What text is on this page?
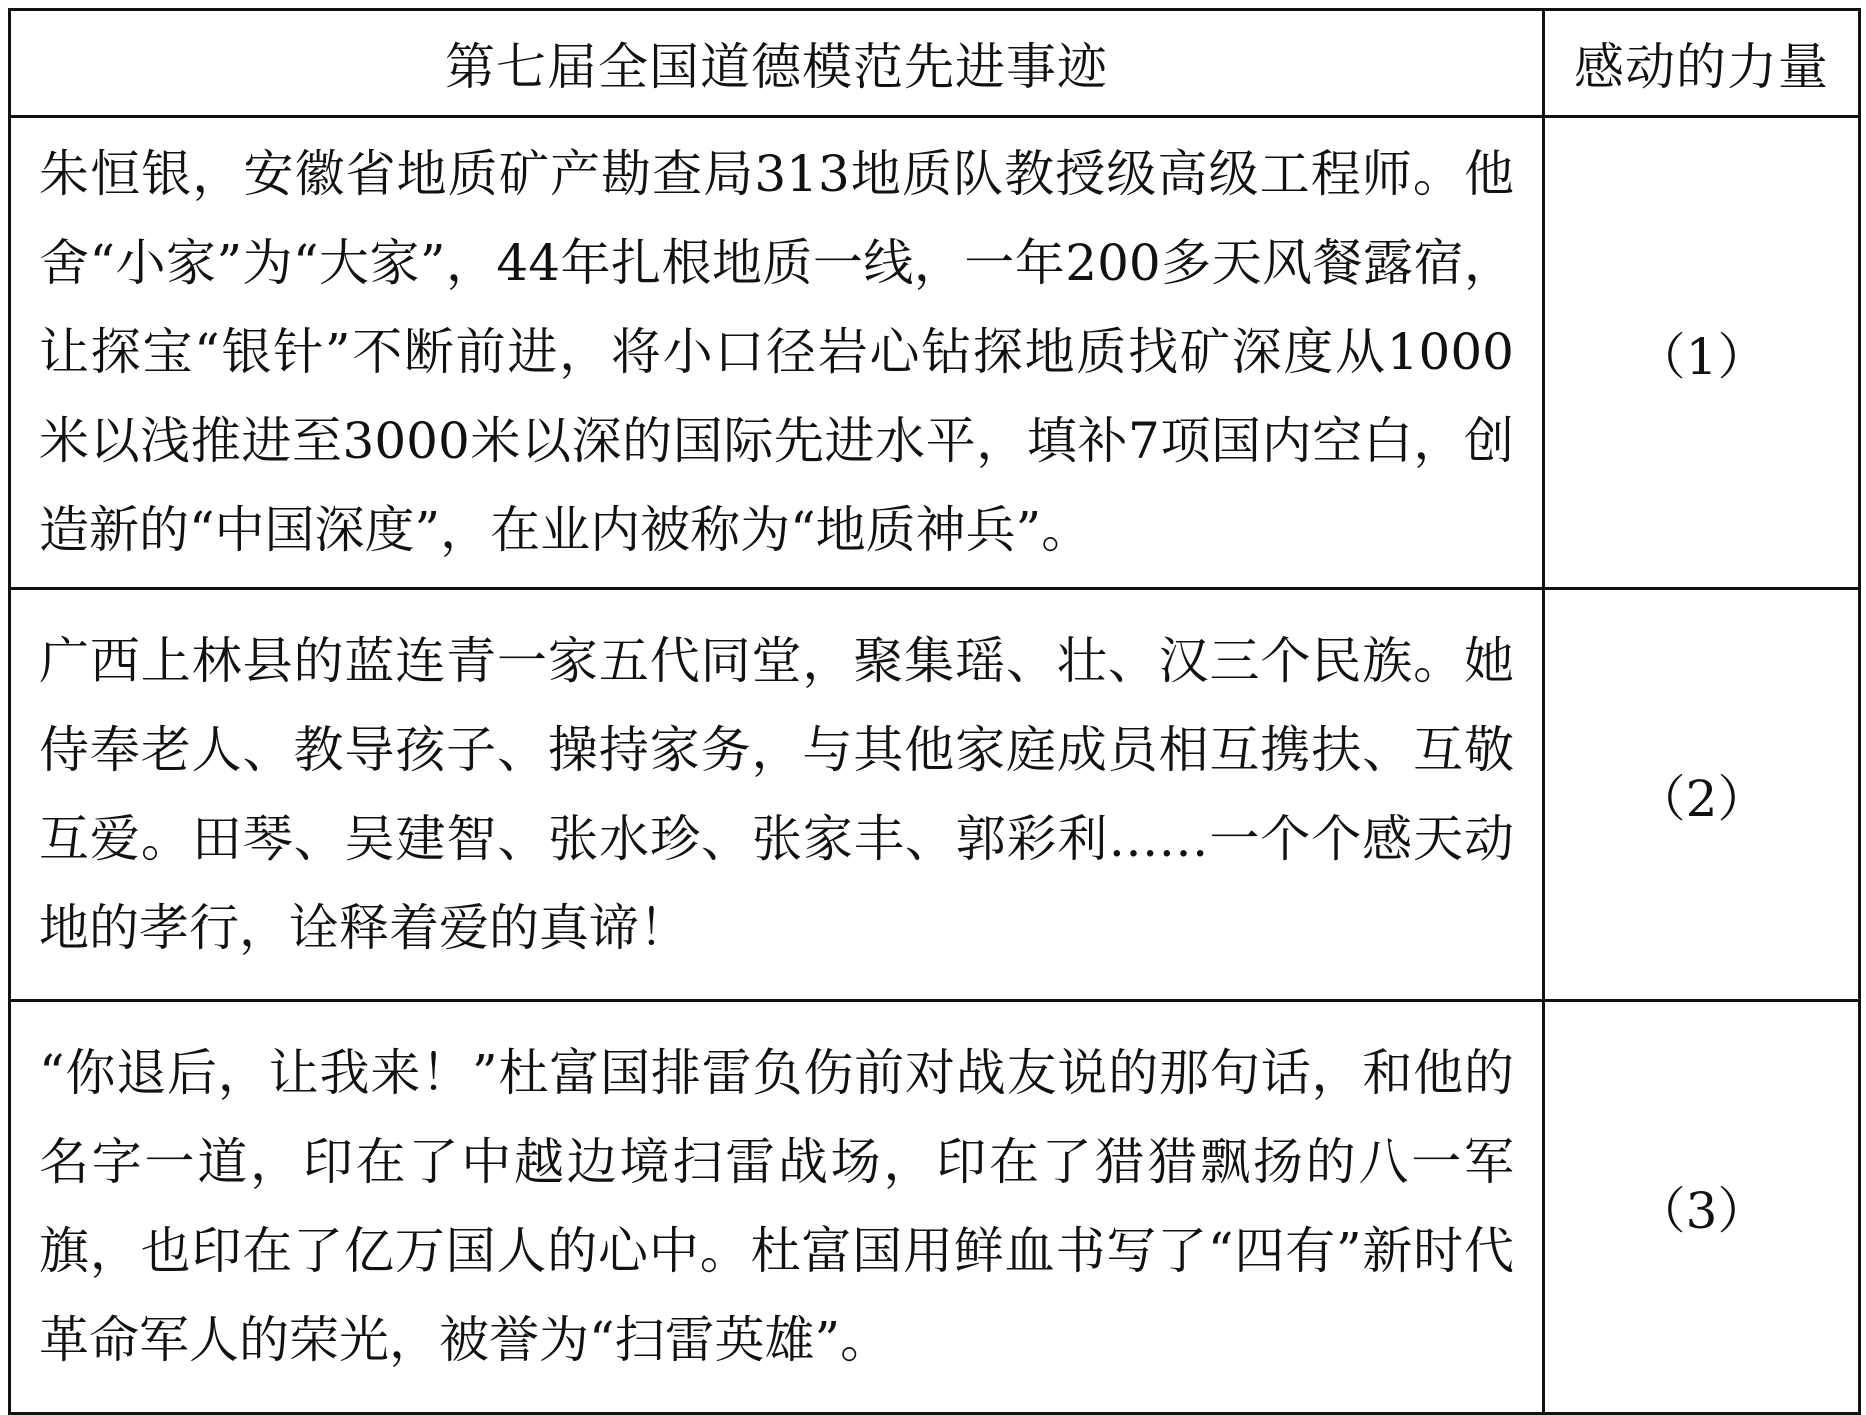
第七届全国道德模范先进事迹	感动的力量
朱恒银，安徽省地质矿产勘查局313地质队教授级高级工程师。他舍“小家”为“大家”，44年扎根地质一线，一年200多天风餐露宿，让探宝“银针”不断前进，将小口径岩心钻探地质找矿深度从1000米以浅推进至3000米以深的国际先进水平，填补7项国内空白，创造新的“中国深度”，在业内被称为“地质神兵”。	（1）
广西上林县的蓝连青一家五代同堂，聚集瑶、壮、汉三个民族。她侍奉老人、教导孩子、操持家务，与其他家庭成员相互携扶、互敬互爱。田琴、吴建智、张水珍、张家丰、郭彩利……一个个感天动地的孝行，诠释着爱的真谛！	（2）
“你退后，让我来！”杜富国排雷负伤前对战友说的那句话，和他的名字一道，印在了中越边境扫雷战场，印在了猎猎飘扬的八一军旗，也印在了亿万国人的心中。杜富国用鲜血书写了“四有”新时代革命军人的荣光，被誉为“扫雷英雄”。	（3）
